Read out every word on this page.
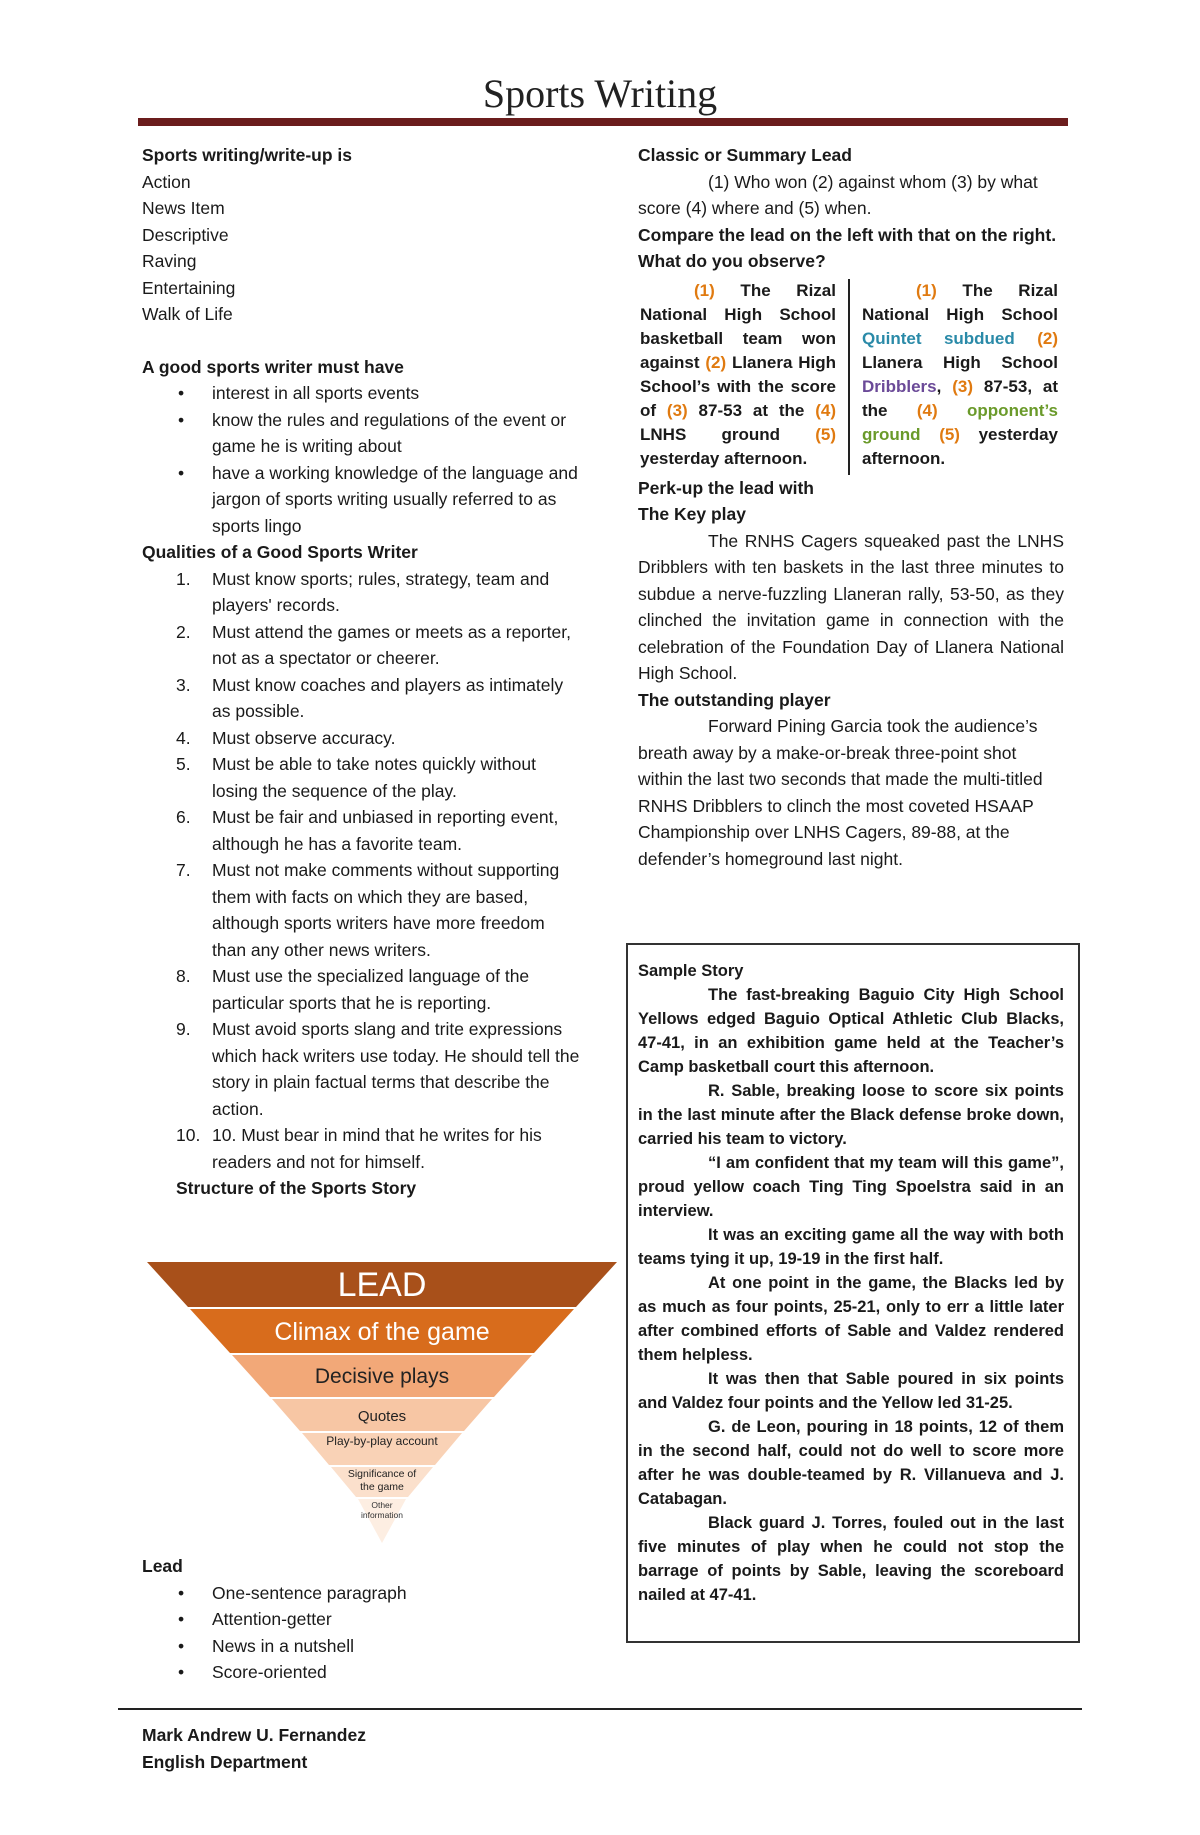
Sports Writing
Sports writing/write-up is
Action
News Item
Descriptive
Raving
Entertaining
Walk of Life
A good sports writer must have
• interest in all sports events
• know the rules and regulations of the event or game he is writing about
• have a working knowledge of the language and jargon of sports writing usually referred to as sports lingo
Qualities of a Good Sports Writer
1. Must know sports; rules, strategy, team and players' records.
2. Must attend the games or meets as a reporter, not as a spectator or cheerer.
3. Must know coaches and players as intimately as possible.
4. Must observe accuracy.
5. Must be able to take notes quickly without losing the sequence of the play.
6. Must be fair and unbiased in reporting event, although he has a favorite team.
7. Must not make comments without supporting them with facts on which they are based, although sports writers have more freedom than any other news writers.
8. Must use the specialized language of the particular sports that he is reporting.
9. Must avoid sports slang and trite expressions which hack writers use today. He should tell the story in plain factual terms that describe the action.
10. 10. Must bear in mind that he writes for his readers and not for himself.
Structure of the Sports Story
LEAD
Climax of the game
Decisive plays
Quotes
Play-by-play account
Significance of the game
Other information
Lead
• One-sentence paragraph
• Attention-getter
• News in a nutshell
• Score-oriented
Classic or Summary Lead
(1) Who won (2) against whom (3) by what score (4) where and (5) when.
Compare the lead on the left with that on the right. What do you observe?
(1) The Rizal National High School basketball team won against (2) Llanera High School’s with the score of (3) 87-53 at the (4) LNHS ground (5) yesterday afternoon.
(1) The Rizal National High School Quintet subdued (2) Llanera High School Dribblers, (3) 87-53, at the (4) opponent’s ground (5) yesterday afternoon.
Perk-up the lead with
The Key play
The RNHS Cagers squeaked past the LNHS Dribblers with ten baskets in the last three minutes to subdue a nerve-fuzzling Llaneran rally, 53-50, as they clinched the invitation game in connection with the celebration of the Foundation Day of Llanera National High School.
The outstanding player
Forward Pining Garcia took the audience’s breath away by a make-or-break three-point shot within the last two seconds that made the multi-titled RNHS Dribblers to clinch the most coveted HSAAP Championship over LNHS Cagers, 89-88, at the defender’s homeground last night.
Sample Story
The fast-breaking Baguio City High School Yellows edged Baguio Optical Athletic Club Blacks, 47-41, in an exhibition game held at the Teacher’s Camp basketball court this afternoon.
R. Sable, breaking loose to score six points in the last minute after the Black defense broke down, carried his team to victory.
“I am confident that my team will this game”, proud yellow coach Ting Ting Spoelstra said in an interview.
It was an exciting game all the way with both teams tying it up, 19-19 in the first half.
At one point in the game, the Blacks led by as much as four points, 25-21, only to err a little later after combined efforts of Sable and Valdez rendered them helpless.
It was then that Sable poured in six points and Valdez four points and the Yellow led 31-25.
G. de Leon, pouring in 18 points, 12 of them in the second half, could not do well to score more after he was double-teamed by R. Villanueva and J. Catabagan.
Black guard J. Torres, fouled out in the last five minutes of play when he could not stop the barrage of points by Sable, leaving the scoreboard nailed at 47-41.
Mark Andrew U. Fernandez
English Department
